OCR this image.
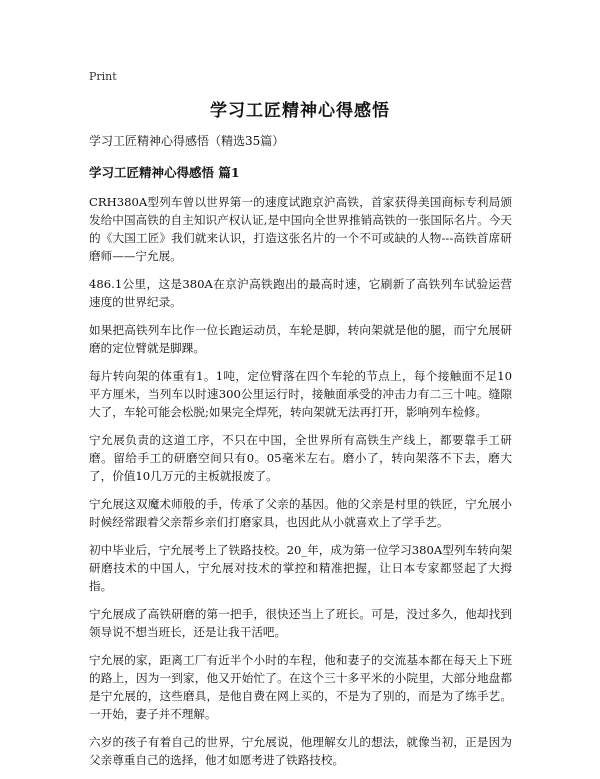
Print
学习工匠精神心得感悟
学习工匠精神心得感悟（精选35篇）
学习工匠精神心得感悟 篇1

CRH380A型列车曾以世界第一的速度试跑京沪高铁，首家获得美国商标专利局颁发给中国高铁的自主知识产权认证,是中国向全世界推销高铁的一张国际名片。今天的《大国工匠》我们就来认识，打造这张名片的一个不可或缺的人物---高铁首席研磨师——宁允展。

486.1公里，这是380A在京沪高铁跑出的最高时速，它刷新了高铁列车试验运营速度的世界纪录。

如果把高铁列车比作一位长跑运动员，车轮是脚，转向架就是他的腿，而宁允展研磨的定位臂就是脚踝。

每片转向架的体重有1。1吨，定位臂落在四个车轮的节点上，每个接触面不足10平方厘米，当列车以时速300公里运行时，接触面承受的冲击力有二三十吨。缝隙大了，车轮可能会松脱;如果完全焊死，转向架就无法再打开，影响列车检修。

宁允展负责的这道工序，不只在中国，全世界所有高铁生产线上，都要靠手工研磨。留给手工的研磨空间只有0。05毫米左右。磨小了，转向架落不下去，磨大了，价值10几万元的主板就报废了。

宁允展这双魔术师般的手，传承了父亲的基因。他的父亲是村里的铁匠，宁允展小时候经常跟着父亲帮乡亲们打磨家具，也因此从小就喜欢上了学手艺。

初中毕业后，宁允展考上了铁路技校。20_年，成为第一位学习380A型列车转向架研磨技术的中国人，宁允展对技术的掌控和精准把握，让日本专家都竖起了大拇指。

宁允展成了高铁研磨的第一把手，很快还当上了班长。可是，没过多久，他却找到领导说不想当班长，还是让我干活吧。

宁允展的家，距离工厂有近半个小时的车程，他和妻子的交流基本都在每天上下班的路上，因为一到家，他又开始忙了。在这个三十多平米的小院里，大部分地盘都是宁允展的，这些磨具，是他自费在网上买的，不是为了别的，而是为了练手艺。一开始，妻子并不理解。

六岁的孩子有着自己的世界，宁允展说，他理解女儿的想法，就像当初，正是因为父亲尊重自己的选择，他才如愿考进了铁路技校。
